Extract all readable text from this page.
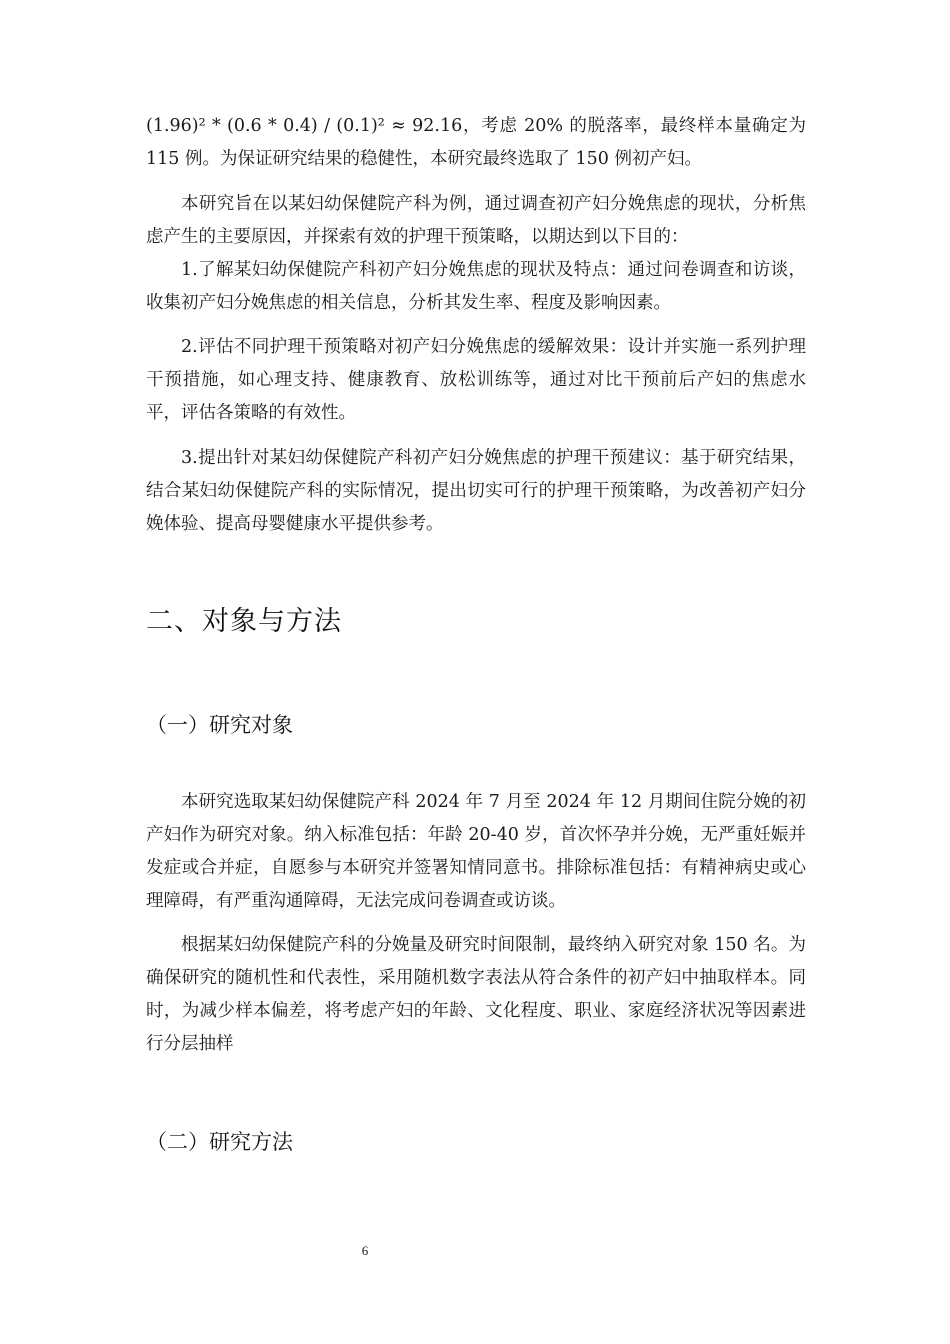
(1.96)² * (0.6 * 0.4) / (0.1)² ≈ 92.16，考虑 20% 的脱落率，最终样本量确定为 115 例。为保证研究结果的稳健性，本研究最终选取了 150 例初产妇。

本研究旨在以某妇幼保健院产科为例，通过调查初产妇分娩焦虑的现状，分析焦虑产生的主要原因，并探索有效的护理干预策略，以期达到以下目的：

1.了解某妇幼保健院产科初产妇分娩焦虑的现状及特点：通过问卷调查和访谈，收集初产妇分娩焦虑的相关信息，分析其发生率、程度及影响因素。

2.评估不同护理干预策略对初产妇分娩焦虑的缓解效果：设计并实施一系列护理干预措施，如心理支持、健康教育、放松训练等，通过对比干预前后产妇的焦虑水平，评估各策略的有效性。

3.提出针对某妇幼保健院产科初产妇分娩焦虑的护理干预建议：基于研究结果，结合某妇幼保健院产科的实际情况，提出切实可行的护理干预策略，为改善初产妇分娩体验、提高母婴健康水平提供参考。

二、对象与方法
（一）研究对象

本研究选取某妇幼保健院产科 2024 年 7 月至 2024 年 12 月期间住院分娩的初产妇作为研究对象。纳入标准包括：年龄 20-40 岁，首次怀孕并分娩，无严重妊娠并发症或合并症，自愿参与本研究并签署知情同意书。排除标准包括：有精神病史或心理障碍，有严重沟通障碍，无法完成问卷调查或访谈。

根据某妇幼保健院产科的分娩量及研究时间限制，最终纳入研究对象 150 名。为确保研究的随机性和代表性，采用随机数字表法从符合条件的初产妇中抽取样本。同时，为减少样本偏差，将考虑产妇的年龄、文化程度、职业、家庭经济状况等因素进行分层抽样

（二）研究方法
6
